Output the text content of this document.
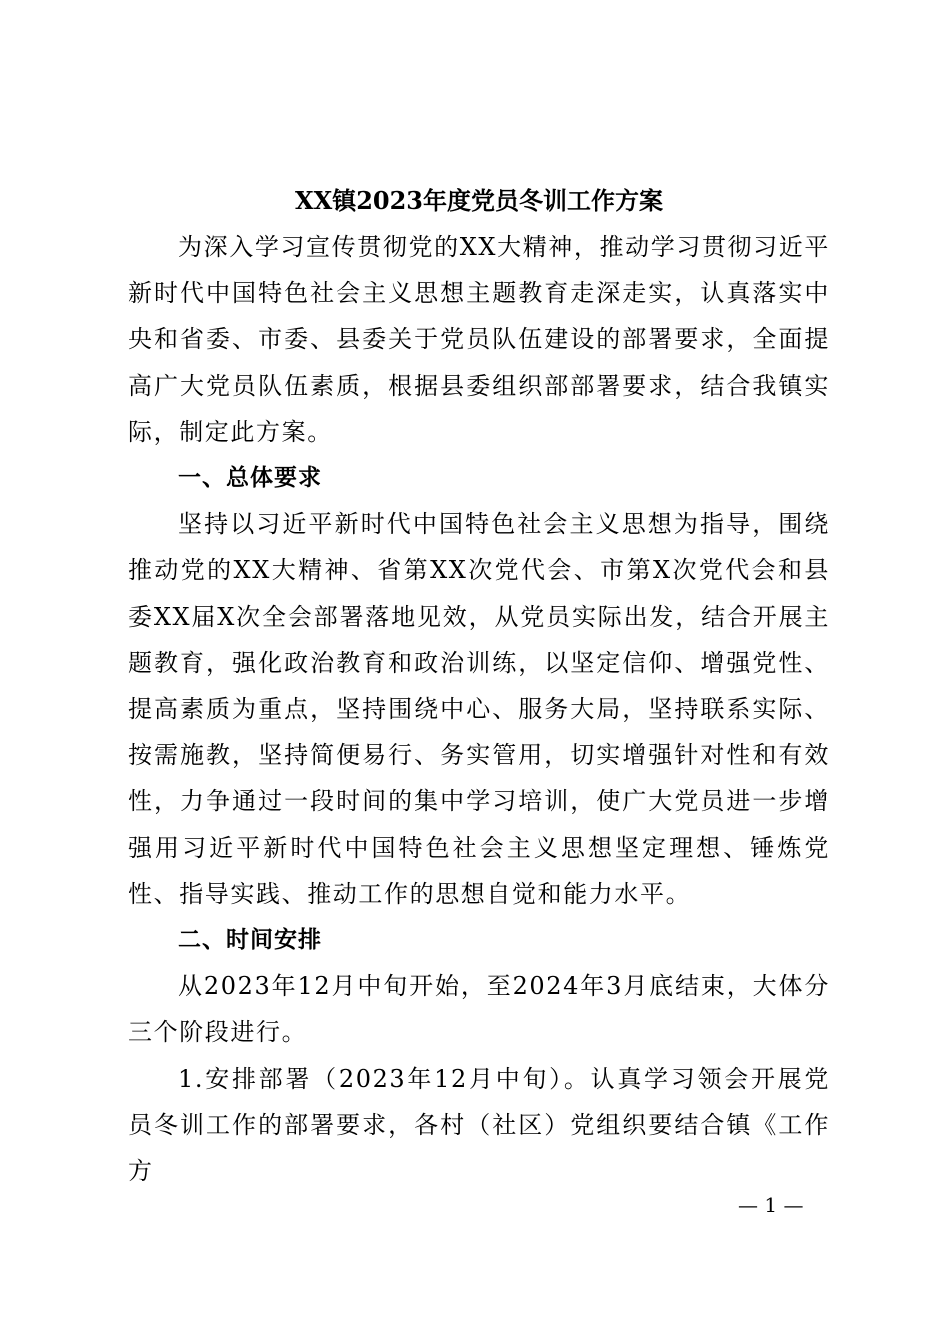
XX镇2023年度党员冬训工作方案

为深入学习宣传贯彻党的XX大精神，推动学习贯彻习近平新时代中国特色社会主义思想主题教育走深走实，认真落实中央和省委、市委、县委关于党员队伍建设的部署要求，全面提高广大党员队伍素质，根据县委组织部部署要求，结合我镇实际，制定此方案。

一、总体要求

坚持以习近平新时代中国特色社会主义思想为指导，围绕推动党的XX大精神、省第XX次党代会、市第X次党代会和县委XX届X次全会部署落地见效，从党员实际出发，结合开展主题教育，强化政治教育和政治训练，以坚定信仰、增强党性、提高素质为重点，坚持围绕中心、服务大局，坚持联系实际、按需施教，坚持简便易行、务实管用，切实增强针对性和有效性，力争通过一段时间的集中学习培训，使广大党员进一步增强用习近平新时代中国特色社会主义思想坚定理想、锤炼党性、指导实践、推动工作的思想自觉和能力水平。

二、时间安排

从2023年12月中旬开始，至2024年3月底结束，大体分三个阶段进行。

1.安排部署（2023年12月中旬）。认真学习领会开展党员冬训工作的部署要求，各村（社区）党组织要结合镇《工作方

— 1 —
